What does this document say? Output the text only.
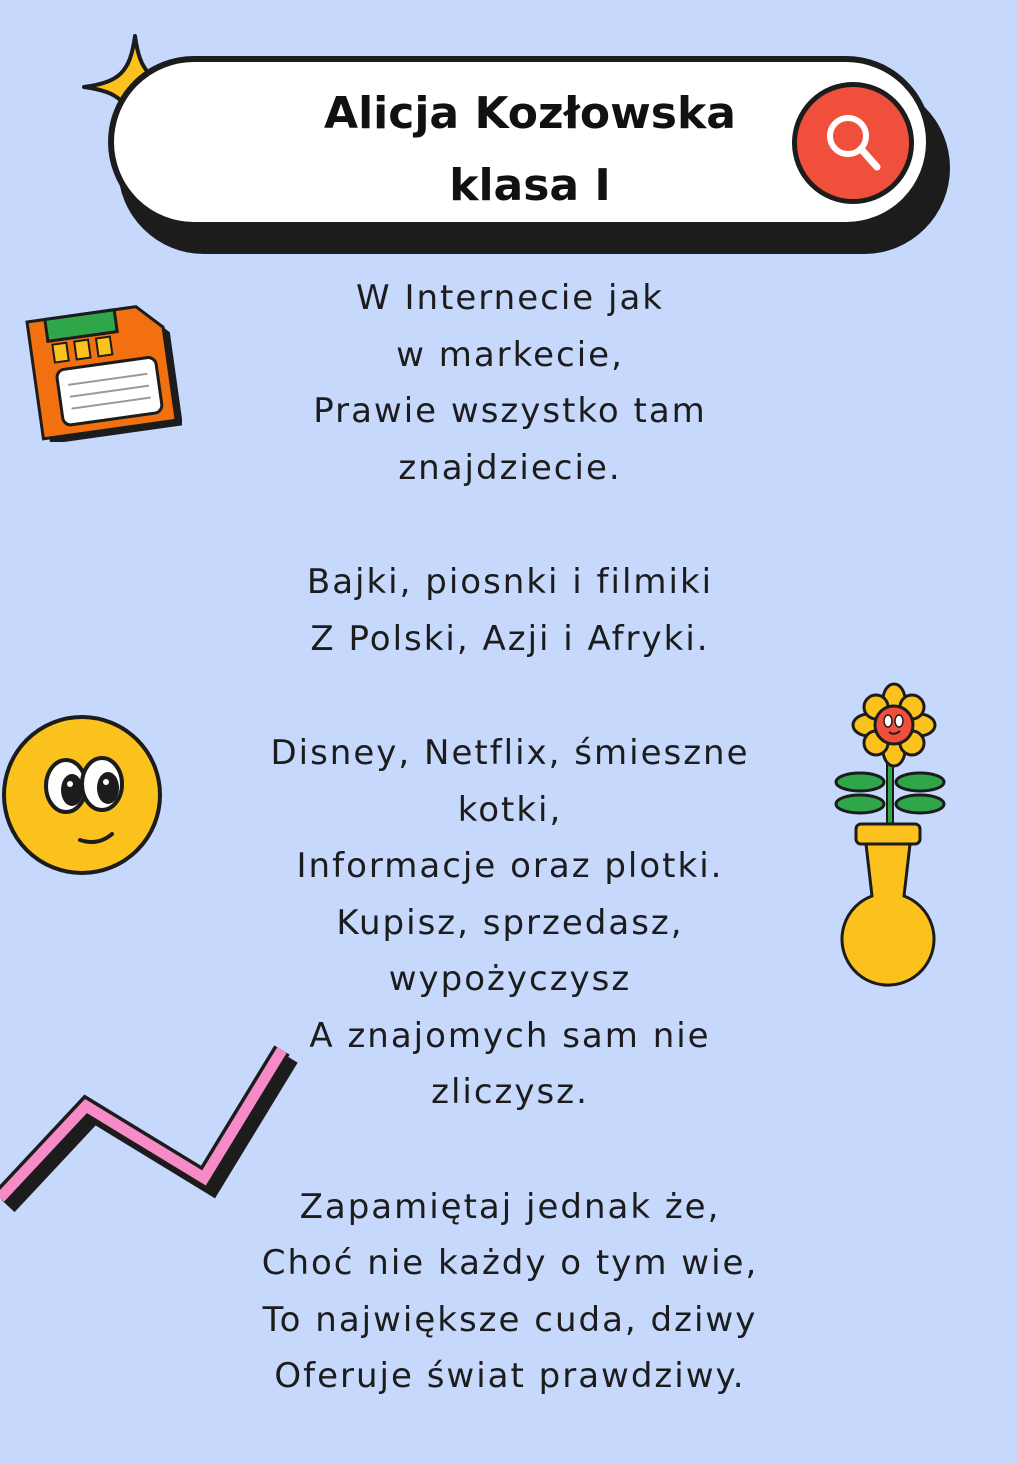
Alicja Kozłowska
klasa I
W Internecie jak
w markecie,
Prawie wszystko tam
znajdziecie.
Bajki, piosnki i filmiki
Z Polski, Azji i Afryki.
Disney, Netflix, śmieszne
kotki,
Informacje oraz plotki.
Kupisz, sprzedasz,
wypożyczysz
A znajomych sam nie
zliczysz.
Zapamiętaj jednak że,
Choć nie każdy o tym wie,
To największe cuda, dziwy
Oferuje świat prawdziwy.
